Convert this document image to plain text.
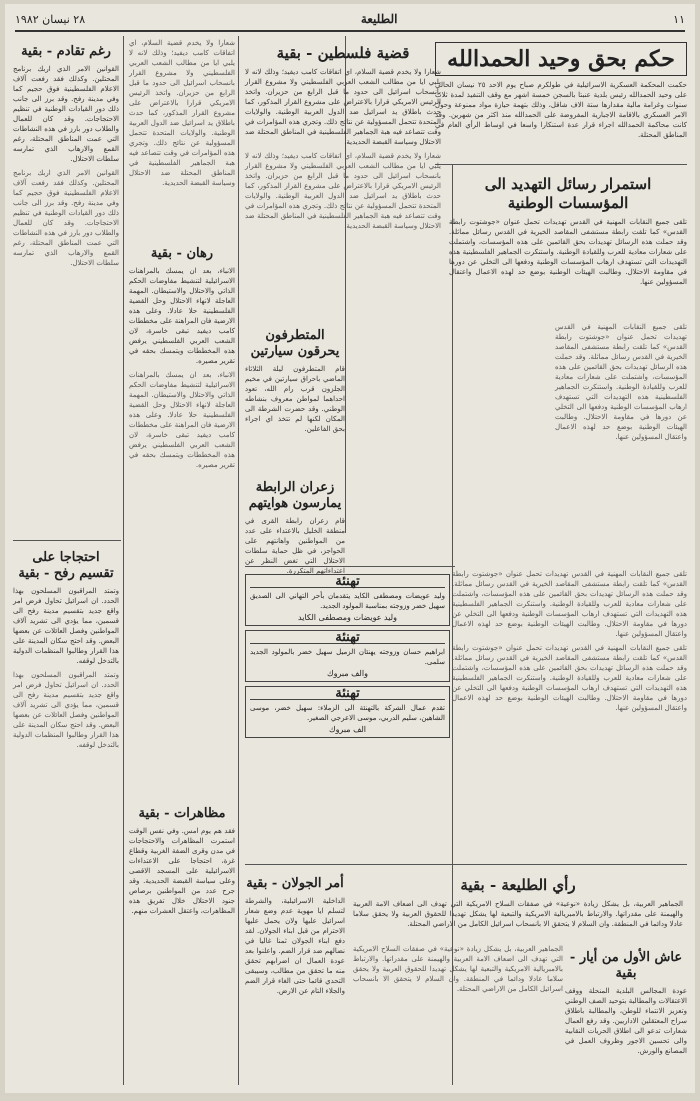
١١
الطليعة
٢٨ نيسان ١٩٨٢
حكم بحق وحيد الحمدالله

حكمت المحكمة العسكرية الاسرائيلية في طولكرم صباح يوم الاحد ٢٥ نيسان الحالي على وحيد الحمدالله رئيس بلدية عنبتا بالسجن خمسة اشهر مع وقف التنفيذ لمدة ثلاث سنوات وغرامة مالية مقدارها ستة الاف شاقل، وذلك بتهمة حيازة مواد ممنوعة وحول الامر العسكري بالاقامة الاجبارية المفروضة على الحمدالله منذ اكثر من شهرين. وقد كانت محاكمة الحمدالله اجراء قرار عدة استنكارا واسعا في اوساط الرأي العام في المناطق المحتلة.

استمرار رسائل التهديد الى المؤسسات الوطنية

تلقى جميع النقابات المهنية في القدس تهديدات تحمل عنوان «جوشتوت رابطة القدس» كما تلقت رابطة مستشفى المقاصد الخيرية في القدس رسائل مماثلة. وقد حملت هذه الرسائل تهديدات بحق القائمين على هذه المؤسسات، واشتملت على شعارات معادية للعرب وللقيادة الوطنية. واستنكرت الجماهير الفلسطينية هذه التهديدات التي تستهدف ارهاب المؤسسات الوطنية ودفعها الى التخلي عن دورها في مقاومة الاحتلال. وطالبت الهيئات الوطنية بوضع حد لهذه الاعمال واعتقال المسؤولين عنها.

تلقى جميع النقابات المهنية في القدس تهديدات تحمل عنوان «جوشتوت رابطة القدس» كما تلقت رابطة مستشفى المقاصد الخيرية في القدس رسائل مماثلة. وقد حملت هذه الرسائل تهديدات بحق القائمين على هذه المؤسسات، واشتملت على شعارات معادية للعرب وللقيادة الوطنية. واستنكرت الجماهير الفلسطينية هذه التهديدات التي تستهدف ارهاب المؤسسات الوطنية ودفعها الى التخلي عن دورها في مقاومة الاحتلال. وطالبت الهيئات الوطنية بوضع حد لهذه الاعمال واعتقال المسؤولين عنها.

المتطرفون يحرقون سيارتين

قام المتطرفون ليلة الثلاثاء الماضي باحراق سيارتين في مخيم الجلزون قرب رام الله، تعود احداهما لمواطن معروف بنشاطه الوطني. وقد حضرت الشرطة الى المكان لكنها لم تتخذ اي اجراء بحق الفاعلين.

زعران الرابطة يمارسون هوايتهم

قام زعران رابطة القرى في منطقة الخليل بالاعتداء على عدد من المواطنين واهانتهم على الحواجز، في ظل حماية سلطات الاحتلال التي تغض النظر عن اعتداءاتهم المتكررة.

تهنئة
وليد عويضات ومصطفى الكايد يتقدمان بأحر التهاني الى الصديق سهيل خضر وزوجته بمناسبة المولود الجديد.
وليد عويضات ومصطفى الكايد
تهنئة
ابراهيم حسان وزوجته يهنئان الزميل سهيل خضر بالمولود الجديد سلمى.
والف مبروك
تهنئة
تقدم عمال الشركة بالتهنئة الى الزملاء: سهيل خضر، موسى الشاهين، سليم الدربي، موسى الاعرجي الصغير.
الف مبروك

تلقى جميع النقابات المهنية في القدس تهديدات تحمل عنوان «جوشتوت رابطة القدس» كما تلقت رابطة مستشفى المقاصد الخيرية في القدس رسائل مماثلة. وقد حملت هذه الرسائل تهديدات بحق القائمين على هذه المؤسسات، واشتملت على شعارات معادية للعرب وللقيادة الوطنية. واستنكرت الجماهير الفلسطينية هذه التهديدات التي تستهدف ارهاب المؤسسات الوطنية ودفعها الى التخلي عن دورها في مقاومة الاحتلال. وطالبت الهيئات الوطنية بوضع حد لهذه الاعمال واعتقال المسؤولين عنها.

تلقى جميع النقابات المهنية في القدس تهديدات تحمل عنوان «جوشتوت رابطة القدس» كما تلقت رابطة مستشفى المقاصد الخيرية في القدس رسائل مماثلة. وقد حملت هذه الرسائل تهديدات بحق القائمين على هذه المؤسسات، واشتملت على شعارات معادية للعرب وللقيادة الوطنية. واستنكرت الجماهير الفلسطينية هذه التهديدات التي تستهدف ارهاب المؤسسات الوطنية ودفعها الى التخلي عن دورها في مقاومة الاحتلال. وطالبت الهيئات الوطنية بوضع حد لهذه الاعمال واعتقال المسؤولين عنها.

رأي الطليعة - بقية

الجماهير العربية، بل يشكل زيادة «نوعية» في صفقات السلاح الامريكية التي تهدف الى اضعاف الامة العربية والهيمنة على مقدراتها. والارتباط بالامبريالية الامريكية والتبعية لها يشكل تهديدا للحقوق العربية ولا يحقق سلاما عادلا ودائما في المنطقة. وان السلام لا يتحقق الا بانسحاب اسرائيل الكامل من الاراضي المحتلة.

عاش الأول من أيار - بقية

عودة المجالس البلدية المنحلة ووقف الاعتقالات والمطالبة بتوحيد الصف الوطني وتعزيز الانتماء للوطن، والمطالبة باطلاق سراح المعتقلين الاداريين. وقد رفع العمال شعارات تدعو الى اطلاق الحريات النقابية والى تحسين الاجور وظروف العمل في المصانع والورش.

الجماهير العربية، بل يشكل زيادة «نوعية» في صفقات السلاح الامريكية التي تهدف الى اضعاف الامة العربية والهيمنة على مقدراتها. والارتباط بالامبريالية الامريكية والتبعية لها يشكل تهديدا للحقوق العربية ولا يحقق سلاما عادلا ودائما في المنطقة. وان السلام لا يتحقق الا بانسحاب اسرائيل الكامل من الاراضي المحتلة.

قضية فلسطين - بقية

شعارا ولا يخدم قضية السلام، اي اتفاقات كامب ديفيد؛ وذلك لانه لا يلبي ايا من مطالب الشعب العربي الفلسطيني ولا مشروع القرار بانسحاب اسرائيل الى حدود ما قبل الرابع من حزيران. واتخذ الرئيس الامريكي قرارا بالاعتراض على مشروع القرار المذكور، كما حدث باطلاق يد اسرائيل ضد الدول العربية الوطنية. والولايات المتحدة تتحمل المسؤولية عن نتائج ذلك. وتجري هذه المؤامرات في وقت تتصاعد فيه هبة الجماهير الفلسطينية في المناطق المحتلة ضد الاحتلال وسياسة القبضة الحديدية.

شعارا ولا يخدم قضية السلام، اي اتفاقات كامب ديفيد؛ وذلك لانه لا يلبي ايا من مطالب الشعب العربي الفلسطيني ولا مشروع القرار بانسحاب اسرائيل الى حدود ما قبل الرابع من حزيران. واتخذ الرئيس الامريكي قرارا بالاعتراض على مشروع القرار المذكور، كما حدث باطلاق يد اسرائيل ضد الدول العربية الوطنية. والولايات المتحدة تتحمل المسؤولية عن نتائج ذلك. وتجري هذه المؤامرات في وقت تتصاعد فيه هبة الجماهير الفلسطينية في المناطق المحتلة ضد الاحتلال وسياسة القبضة الحديدية.

أمر الجولان - بقية

الداخلية الاسرائيلية، والشرطة لتسلم ايا مهوية عدم وضع شعار اسرائيل عليها ولان يحمل عليها الاحترام من قبل ابناء الجولان. لقد دفع ابناء الجولان ثمنا غاليا في نضالهم ضد قرار الضم. واعلنوا بعد عودة العمال ان اضرابهم تحقق منه ما تحقق من مطالب، وسيبقى التحدي قائما حتى الغاء قرار الضم والجلاء التام عن الارض.

شعارا ولا يخدم قضية السلام، اي اتفاقات كامب ديفيد؛ وذلك لانه لا يلبي ايا من مطالب الشعب العربي الفلسطيني ولا مشروع القرار بانسحاب اسرائيل الى حدود ما قبل الرابع من حزيران. واتخذ الرئيس الامريكي قرارا بالاعتراض على مشروع القرار المذكور، كما حدث باطلاق يد اسرائيل ضد الدول العربية الوطنية. والولايات المتحدة تتحمل المسؤولية عن نتائج ذلك. وتجري هذه المؤامرات في وقت تتصاعد فيه هبة الجماهير الفلسطينية في المناطق المحتلة ضد الاحتلال وسياسة القبضة الحديدية.

رهان - بقية

الانباء، بعد ان يمسك بالمراهنات الاسرائيلية لتنشيط مفاوضات الحكم الذاتي والاحتلال والاستيطان. المهمة العاجلة لانهاء الاحتلال وحل القضية الفلسطينية حلا عادلا. وعلى هذه الارضية فان المراهنة على مخططات كامب ديفيد تبقى خاسرة، لان الشعب العربي الفلسطيني يرفض هذه المخططات ويتمسك بحقه في تقرير مصيره.

الانباء، بعد ان يمسك بالمراهنات الاسرائيلية لتنشيط مفاوضات الحكم الذاتي والاحتلال والاستيطان. المهمة العاجلة لانهاء الاحتلال وحل القضية الفلسطينية حلا عادلا. وعلى هذه الارضية فان المراهنة على مخططات كامب ديفيد تبقى خاسرة، لان الشعب العربي الفلسطيني يرفض هذه المخططات ويتمسك بحقه في تقرير مصيره.

مظاهرات - بقية

فقد هم يوم امس. وفي نفس الوقت استمرت المظاهرات والاحتجاجات في مدن وقرى الضفة الغربية وقطاع غزة، احتجاجا على الاعتداءات الاسرائيلية على المسجد الاقصى وعلى سياسة القبضة الحديدية. وقد جرح عدد من المواطنين برصاص جنود الاحتلال خلال تفريق هذه المظاهرات، واعتقل العشرات منهم.

رغم تقادم - بقية

القوانين الامر الذي اربك برنامج المحتلين. وكذلك فقد رفعت آلاف الاعلام الفلسطينية فوق حجيم كما وفي مدينة رفح. وقد برز الى جانب ذلك دور القيادات الوطنية في تنظيم الاحتجاجات. وقد كان للعمال والطلاب دور بارز في هذه النشاطات التي عمت المناطق المحتلة، رغم القمع والارهاب الذي تمارسه سلطات الاحتلال.

القوانين الامر الذي اربك برنامج المحتلين. وكذلك فقد رفعت آلاف الاعلام الفلسطينية فوق حجيم كما وفي مدينة رفح. وقد برز الى جانب ذلك دور القيادات الوطنية في تنظيم الاحتجاجات. وقد كان للعمال والطلاب دور بارز في هذه النشاطات التي عمت المناطق المحتلة، رغم القمع والارهاب الذي تمارسه سلطات الاحتلال.

احتجاجا على تقسيم رفح - بقية

وتمتد المراقبون المسلحون بهذا الحدد. ان اسرائيل تحاول فرض امر واقع جديد بتقسيم مدينة رفح الى قسمين، مما يؤدي الى تشريد آلاف المواطنين وفصل العائلات عن بعضها البعض. وقد احتج سكان المدينة على هذا القرار وطالبوا المنظمات الدولية بالتدخل لوقفه.

وتمتد المراقبون المسلحون بهذا الحدد. ان اسرائيل تحاول فرض امر واقع جديد بتقسيم مدينة رفح الى قسمين، مما يؤدي الى تشريد آلاف المواطنين وفصل العائلات عن بعضها البعض. وقد احتج سكان المدينة على هذا القرار وطالبوا المنظمات الدولية بالتدخل لوقفه.
